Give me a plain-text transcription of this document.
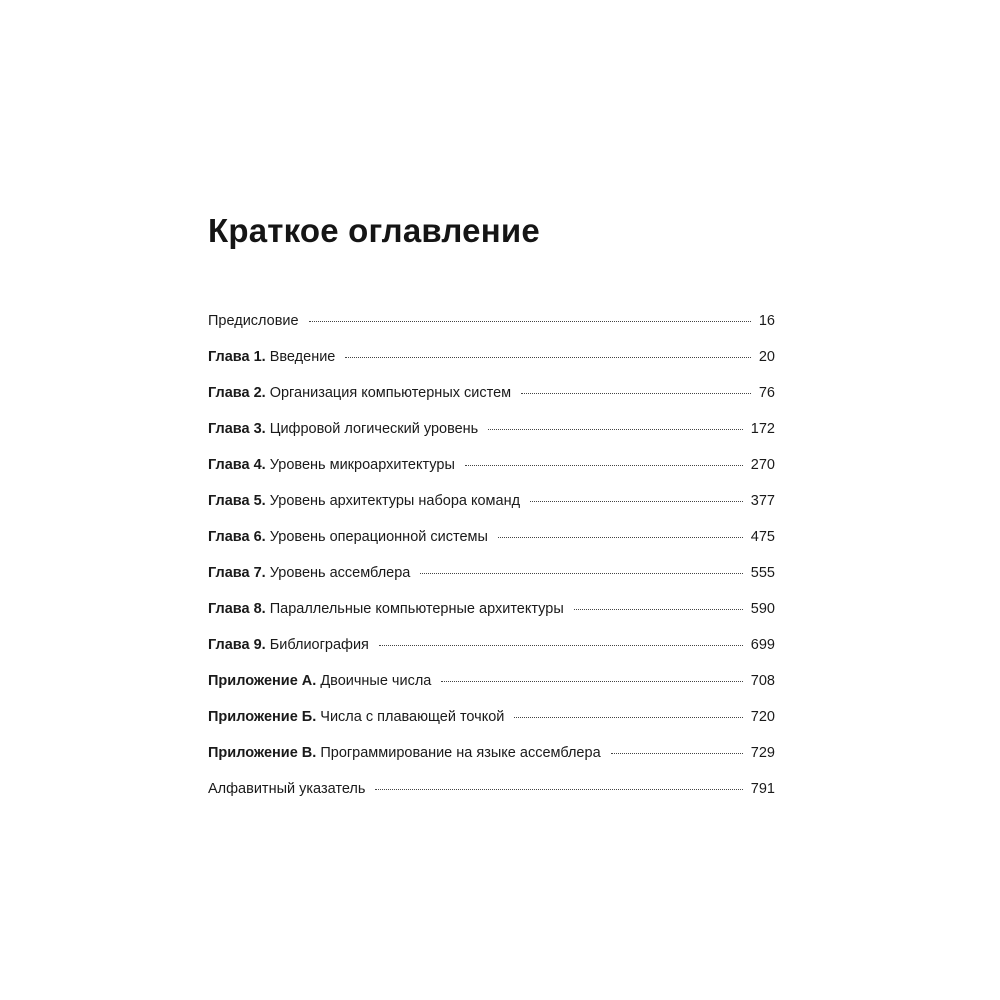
Краткое оглавление
Предисловие	16
Глава 1. Введение	20
Глава 2. Организация компьютерных систем	76
Глава 3. Цифровой логический уровень	172
Глава 4. Уровень микроархитектуры	270
Глава 5. Уровень архитектуры набора команд	377
Глава 6. Уровень операционной системы	475
Глава 7. Уровень ассемблера	555
Глава 8. Параллельные компьютерные архитектуры	590
Глава 9. Библиография	699
Приложение А. Двоичные числа	708
Приложение Б. Числа с плавающей точкой	720
Приложение В. Программирование на языке ассемблера	729
Алфавитный указатель	791
